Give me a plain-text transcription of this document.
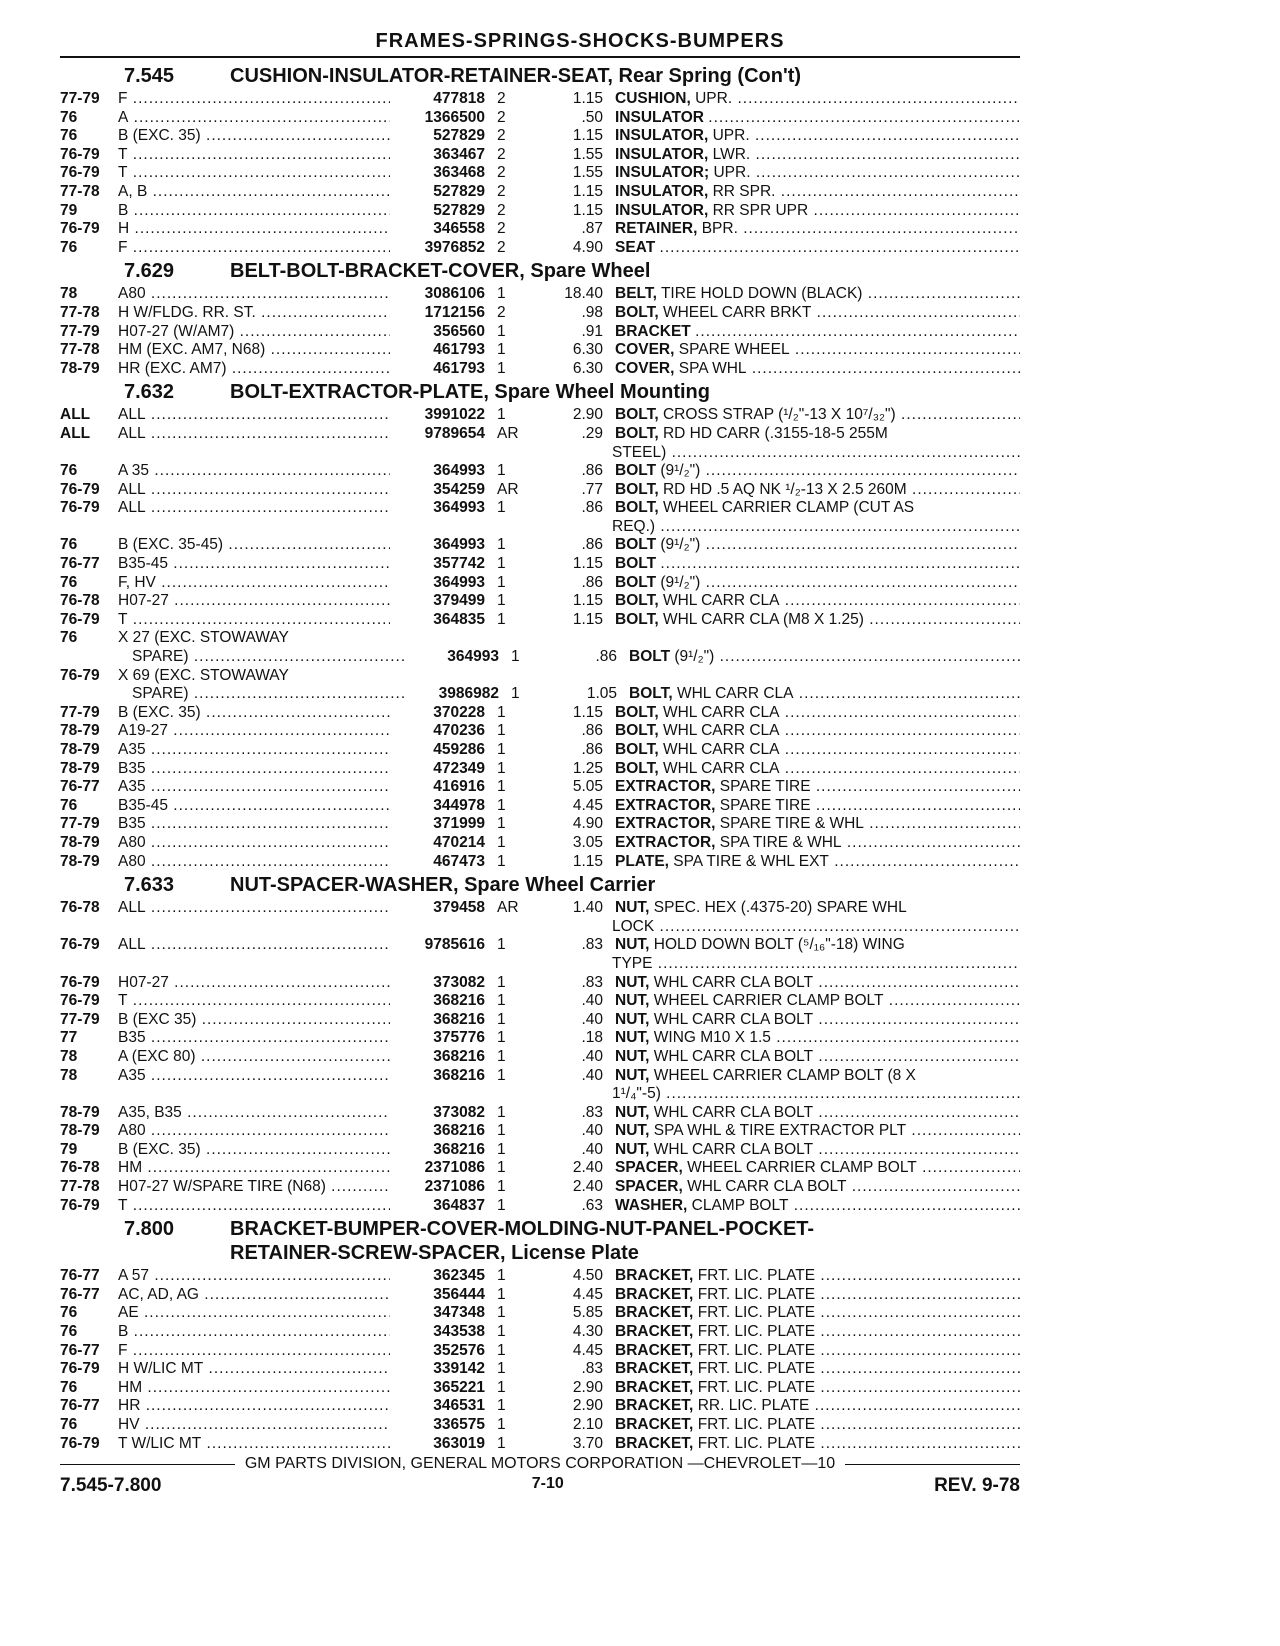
FRAMES-SPRINGS-SHOCKS-BUMPERS
7.545	CUSHION-INSULATOR-RETAINER-SEAT, Rear Spring (Con't)
77-79	F .....	477818 2	1.15 CUSHION, UPR. .....
76	A .....	1366500 2	.50 INSULATOR .....
76	B (EXC. 35) .....	527829 2	1.15 INSULATOR, UPR. .....
76-79	T .....	363467 2	1.55 INSULATOR, LWR. .....
76-79	T .....	363468 2	1.55 INSULATOR; UPR. .....
77-78	A, B .....	527829 2	1.15 INSULATOR, RR SPR. .....
79	B .....	527829 2	1.15 INSULATOR, RR SPR UPR .....
76-79	H .....	346558 2	.87 RETAINER, BPR. .....
76	F .....	3976852 2	4.90 SEAT .....
7.629	BELT-BOLT-BRACKET-COVER, Spare Wheel
78	A80 .....	3086106 1	18.40 BELT, TIRE HOLD DOWN (BLACK) .....
77-78	H W/FLDG. RR. ST. .....	1712156 2	.98 BOLT, WHEEL CARR BRKT .....
77-79	H07-27 (W/AM7) .....	356560 1	.91 BRACKET .....
77-78	HM (EXC. AM7, N68) .....	461793 1	6.30 COVER, SPARE WHEEL .....
78-79	HR (EXC. AM7) .....	461793 1	6.30 COVER, SPA WHL .....
7.632	BOLT-EXTRACTOR-PLATE, Spare Wheel Mounting
ALL	ALL .....	3991022 1	2.90 BOLT, CROSS STRAP (¹/₂"-13 X 10⁷/₃₂") .....
ALL	ALL .....	9789654 AR	.29 BOLT, RD HD CARR (.3155-18-5 255M
STEEL) .....
76	A 35 .....	364993 1	.86 BOLT (9¹/₂") .....
76-79	ALL .....	354259 AR	.77 BOLT, RD HD .5 AQ NK ¹/₂-13 X 2.5 260M .....
76-79	ALL .....	364993 1	.86 BOLT, WHEEL CARRIER CLAMP (CUT AS
REQ.) .....
76	B (EXC. 35-45) .....	364993 1	.86 BOLT (9¹/₂") .....
76-77	B35-45 .....	357742 1	1.15 BOLT .....
76	F, HV .....	364993 1	.86 BOLT (9¹/₂") .....
76-78	H07-27 .....	379499 1	1.15 BOLT, WHL CARR CLA .....
76-79	T .....	364835 1	1.15 BOLT, WHL CARR CLA (M8 X 1.25) .....
76	X 27 (EXC. STOWAWAY
SPARE) .....	364993 1	.86 BOLT (9¹/₂") .....
76-79	X 69 (EXC. STOWAWAY
SPARE) .....	3986982 1	1.05 BOLT, WHL CARR CLA .....
77-79	B (EXC. 35) .....	370228 1	1.15 BOLT, WHL CARR CLA .....
78-79	A19-27 .....	470236 1	.86 BOLT, WHL CARR CLA .....
78-79	A35 .....	459286 1	.86 BOLT, WHL CARR CLA .....
78-79	B35 .....	472349 1	1.25 BOLT, WHL CARR CLA .....
76-77	A35 .....	416916 1	5.05 EXTRACTOR, SPARE TIRE .....
76	B35-45 .....	344978 1	4.45 EXTRACTOR, SPARE TIRE .....
77-79	B35 .....	371999 1	4.90 EXTRACTOR, SPARE TIRE & WHL .....
78-79	A80 .....	470214 1	3.05 EXTRACTOR, SPA TIRE & WHL .....
78-79	A80 .....	467473 1	1.15 PLATE, SPA TIRE & WHL EXT .....
7.633	NUT-SPACER-WASHER, Spare Wheel Carrier
76-78	ALL .....	379458 AR	1.40 NUT, SPEC. HEX (.4375-20) SPARE WHL
LOCK .....
76-79	ALL .....	9785616 1	.83 NUT, HOLD DOWN BOLT (⁵/₁₆"-18) WING
TYPE .....
76-79	H07-27 .....	373082 1	.83 NUT, WHL CARR CLA BOLT .....
76-79	T .....	368216 1	.40 NUT, WHEEL CARRIER CLAMP BOLT .....
77-79	B (EXC 35) .....	368216 1	.40 NUT, WHL CARR CLA BOLT .....
77	B35 .....	375776 1	.18 NUT, WING M10 X 1.5 .....
78	A (EXC 80) .....	368216 1	.40 NUT, WHL CARR CLA BOLT .....
78	A35 .....	368216 1	.40 NUT, WHEEL CARRIER CLAMP BOLT (8 X
1¹/₄"-5) .....
78-79	A35, B35 .....	373082 1	.83 NUT, WHL CARR CLA BOLT .....
78-79	A80 .....	368216 1	.40 NUT, SPA WHL & TIRE EXTRACTOR PLT .....
79	B (EXC. 35) .....	368216 1	.40 NUT, WHL CARR CLA BOLT .....
76-78	HM .....	2371086 1	2.40 SPACER, WHEEL CARRIER CLAMP BOLT .....
77-78	H07-27 W/SPARE TIRE (N68) .....	2371086 1	2.40 SPACER, WHL CARR CLA BOLT .....
76-79	T .....	364837 1	.63 WASHER, CLAMP BOLT .....
7.800	BRACKET-BUMPER-COVER-MOLDING-NUT-PANEL-POCKET-
RETAINER-SCREW-SPACER, License Plate
76-77	A 57 .....	362345 1	4.50 BRACKET, FRT. LIC. PLATE .....
76-77	AC, AD, AG .....	356444 1	4.45 BRACKET, FRT. LIC. PLATE .....
76	AE .....	347348 1	5.85 BRACKET, FRT. LIC. PLATE .....
76	B .....	343538 1	4.30 BRACKET, FRT. LIC. PLATE .....
76-77	F .....	352576 1	4.45 BRACKET, FRT. LIC. PLATE .....
76-79	H W/LIC MT .....	339142 1	.83 BRACKET, FRT. LIC. PLATE .....
76	HM .....	365221 1	2.90 BRACKET, FRT. LIC. PLATE .....
76-77	HR .....	346531 1	2.90 BRACKET, RR. LIC. PLATE .....
76	HV .....	336575 1	2.10 BRACKET, FRT. LIC. PLATE .....
76-79	T W/LIC MT .....	363019 1	3.70 BRACKET, FRT. LIC. PLATE .....
GM PARTS DIVISION, GENERAL MOTORS CORPORATION —CHEVROLET—10
7.545-7.800	7-10	REV. 9-78
